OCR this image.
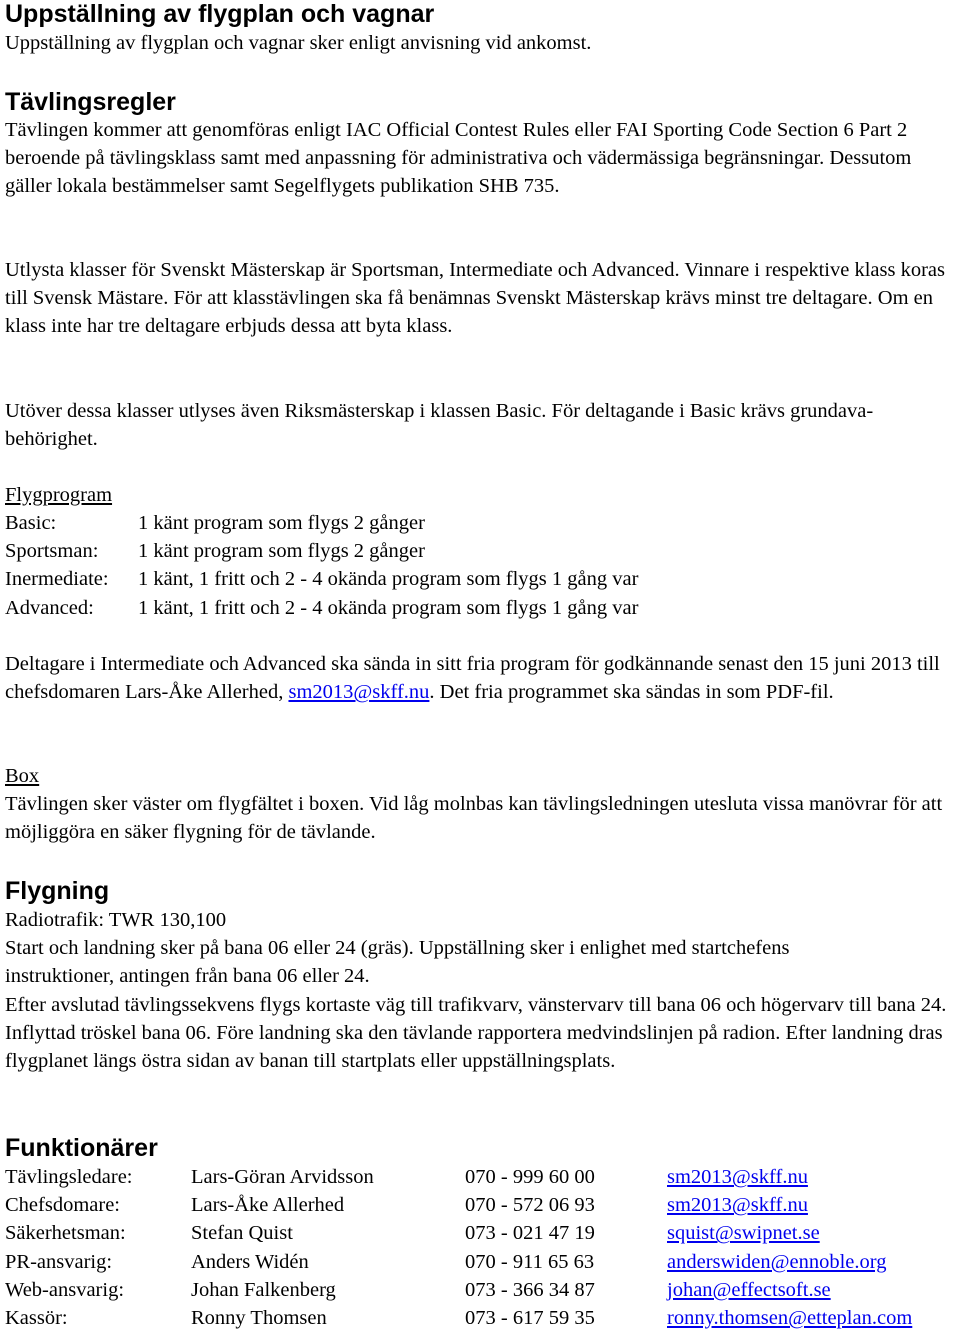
Uppställning av flygplan och vagnar

Uppställning av flygplan och vagnar sker enligt anvisning vid ankomst.

Tävlingsregler

Tävlingen kommer att genomföras enligt IAC Official Contest Rules eller FAI Sporting Code Section 6 Part 2 beroende på tävlingsklass samt med anpassning för administrativa och vädermässiga begränsningar. Dessutom gäller lokala bestämmelser samt Segelflygets publikation SHB 735.

Utlysta klasser för Svenskt Mästerskap är Sportsman, Intermediate och Advanced. Vinnare i respektive klass koras till Svensk Mästare. För att klasstävlingen ska få benämnas Svenskt Mästerskap krävs minst tre deltagare. Om en klass inte har tre deltagare erbjuds dessa att byta klass.

Utöver dessa klasser utlyses även Riksmästerskap i klassen Basic. För deltagande i Basic krävs grundava-behörighet.

Flygprogram

Basic:	1 känt program som flygs 2 gånger
Sportsman:	1 känt program som flygs 2 gånger
Inermediate:	1 känt, 1 fritt och 2 - 4 okända program som flygs 1 gång var
Advanced:	1 känt, 1 fritt och 2 - 4 okända program som flygs 1 gång var

Deltagare i Intermediate och Advanced ska sända in sitt fria program för godkännande senast den 15 juni 2013 till chefsdomaren Lars-Åke Allerhed, sm2013@skff.nu. Det fria programmet ska sändas in som PDF-fil.

Box

Tävlingen sker väster om flygfältet i boxen. Vid låg molnbas kan tävlingsledningen utesluta vissa manövrar för att möjliggöra en säker flygning för de tävlande.

Flygning

Radiotrafik: TWR 130,100

Start och landning sker på bana 06 eller 24 (gräs). Uppställning sker i enlighet med startchefens instruktioner, antingen från bana 06 eller 24.

Efter avslutad tävlingssekvens flygs kortaste väg till trafikvarv, vänstervarv till bana 06 och högervarv till bana 24. Inflyttad tröskel bana 06. Före landning ska den tävlande rapportera medvindslinjen på radion. Efter landning dras flygplanet längs östra sidan av banan till startplats eller uppställningsplats.

Funktionärer
Tävlingsledare:	Lars-Göran Arvidsson	070 - 999 60 00	sm2013@skff.nu
Chefsdomare:	Lars-Åke Allerhed	070 - 572 06 93	sm2013@skff.nu
Säkerhetsman:	Stefan Quist	073 - 021 47 19	squist@swipnet.se
PR-ansvarig:	Anders Widén	070 - 911 65 63	anderswiden@ennoble.org
Web-ansvarig:	Johan Falkenberg	073 - 366 34 87	johan@effectsoft.se
Kassör:	Ronny Thomsen	073 - 617 59 35	ronny.thomsen@etteplan.com
